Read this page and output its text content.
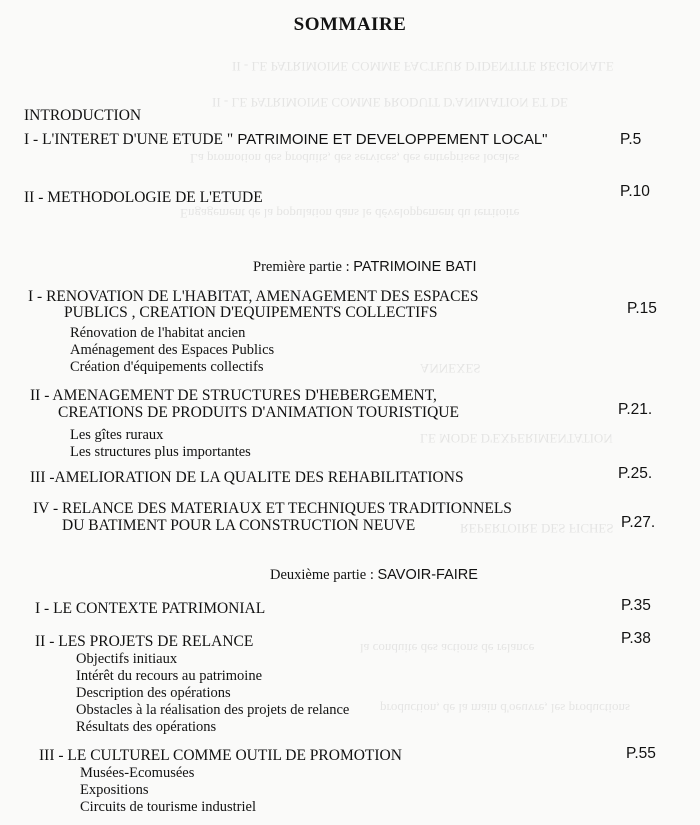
II - LE PATRIMOINE COMME FACTEUR D'IDENTITE REGIONALE
II - LE PATRIMOINE COMME PRODUIT D'ANIMATION ET DE
La promotion des produits, des services, des entreprises locales
Engagement de la population dans le développement du territoire
ANNEXES
LE MODE D'EXPERIMENTATION
REPERTOIRE DES FICHES
la conduite des actions de relance
production, de la main d'oeuvre, les productions
SOMMAIRE
INTRODUCTION
I - L'INTERET D'UNE ETUDE " PATRIMOINE ET DEVELOPPEMENT LOCAL"	P.5
II - METHODOLOGIE DE L'ETUDE	P.10
Première partie : PATRIMOINE BATI
I - RENOVATION DE L'HABITAT, AMENAGEMENT DES ESPACES
PUBLICS , CREATION D'EQUIPEMENTS COLLECTIFS	P.15
Rénovation de l'habitat ancien
Aménagement des Espaces Publics
Création d'équipements collectifs
II - AMENAGEMENT DE STRUCTURES D'HEBERGEMENT,
CREATIONS DE PRODUITS D'ANIMATION TOURISTIQUE	P.21.
Les gîtes ruraux
Les structures plus importantes
III -AMELIORATION DE LA QUALITE DES REHABILITATIONS	P.25.
IV - RELANCE DES MATERIAUX ET TECHNIQUES TRADITIONNELS
DU BATIMENT POUR LA CONSTRUCTION NEUVE	P.27.
Deuxième partie : SAVOIR-FAIRE
I - LE CONTEXTE PATRIMONIAL	P.35
II - LES PROJETS DE RELANCE	P.38
Objectifs initiaux
Intérêt du recours au patrimoine
Description des opérations
Obstacles à la réalisation des projets de relance
Résultats des opérations
III - LE CULTUREL COMME OUTIL DE PROMOTION	P.55
Musées-Ecomusées
Expositions
Circuits de tourisme industriel
